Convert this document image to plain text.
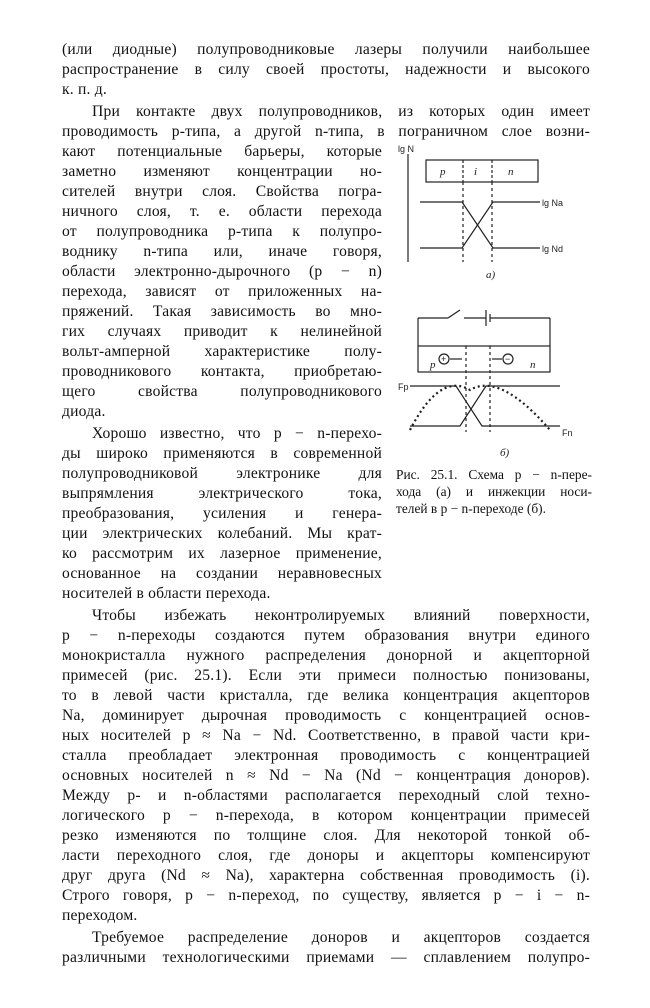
(или диодные) полупроводниковые лазеры получили наибольшее
распространение в силу своей простоты, надежности и высокого
к. п. д.
При контакте двух полупроводников, из которых один имеет
проводимость p-типа, а другой n-типа, в пограничном слое возни-
кают потенциальные барьеры, которые
заметно изменяют концентрации но-
сителей внутри слоя. Свойства погра-
ничного слоя, т. е. области перехода
от полупроводника p-типа к полупро-
воднику n-типа или, иначе говоря,
области электронно-дырочного (p − n)
перехода, зависят от приложенных на-
пряжений. Такая зависимость во мно-
гих случаях приводит к нелинейной
вольт-амперной характеристике полу-
проводникового контакта, приобретаю-
щего свойства полупроводникового
диода.
Хорошо известно, что p − n-перехо-
ды широко применяются в современной
полупроводниковой электронике для
выпрямления электрического тока,
преобразования, усиления и генера-
ции электрических колебаний. Мы крат-
ко рассмотрим их лазерное применение,
основанное на создании неравновесных
носителей в области перехода.
lg N
p	i	n
lg Na
lg Nd
а)
+	−
p	n
Fp
Fn
б)
Рис. 25.1. Схема p − n-пере-
хода (а) и инжекции носи-
телей в p − n-переходе (б).
Чтобы избежать неконтролируемых влияний поверхности,
p − n-переходы создаются путем образования внутри единого
монокристалла нужного распределения донорной и акцепторной
примесей (рис. 25.1). Если эти примеси полностью понизованы,
то в левой части кристалла, где велика концентрация акцепторов
Na, доминирует дырочная проводимость с концентрацией основ-
ных носителей p ≈ Na − Nd. Соответственно, в правой части кри-
сталла преобладает электронная проводимость с концентрацией
основных носителей n ≈ Nd − Na (Nd − концентрация доноров).
Между p- и n-областями располагается переходный слой техно-
логического p − n-перехода, в котором концентрации примесей
резко изменяются по толщине слоя. Для некоторой тонкой об-
ласти переходного слоя, где доноры и акцепторы компенсируют
друг друга (Nd ≈ Na), характерна собственная проводимость (i).
Строго говоря, p − n-переход, по существу, является p − i − n-
переходом.
Требуемое распределение доноров и акцепторов создается
различными технологическими приемами — сплавлением полупро-
